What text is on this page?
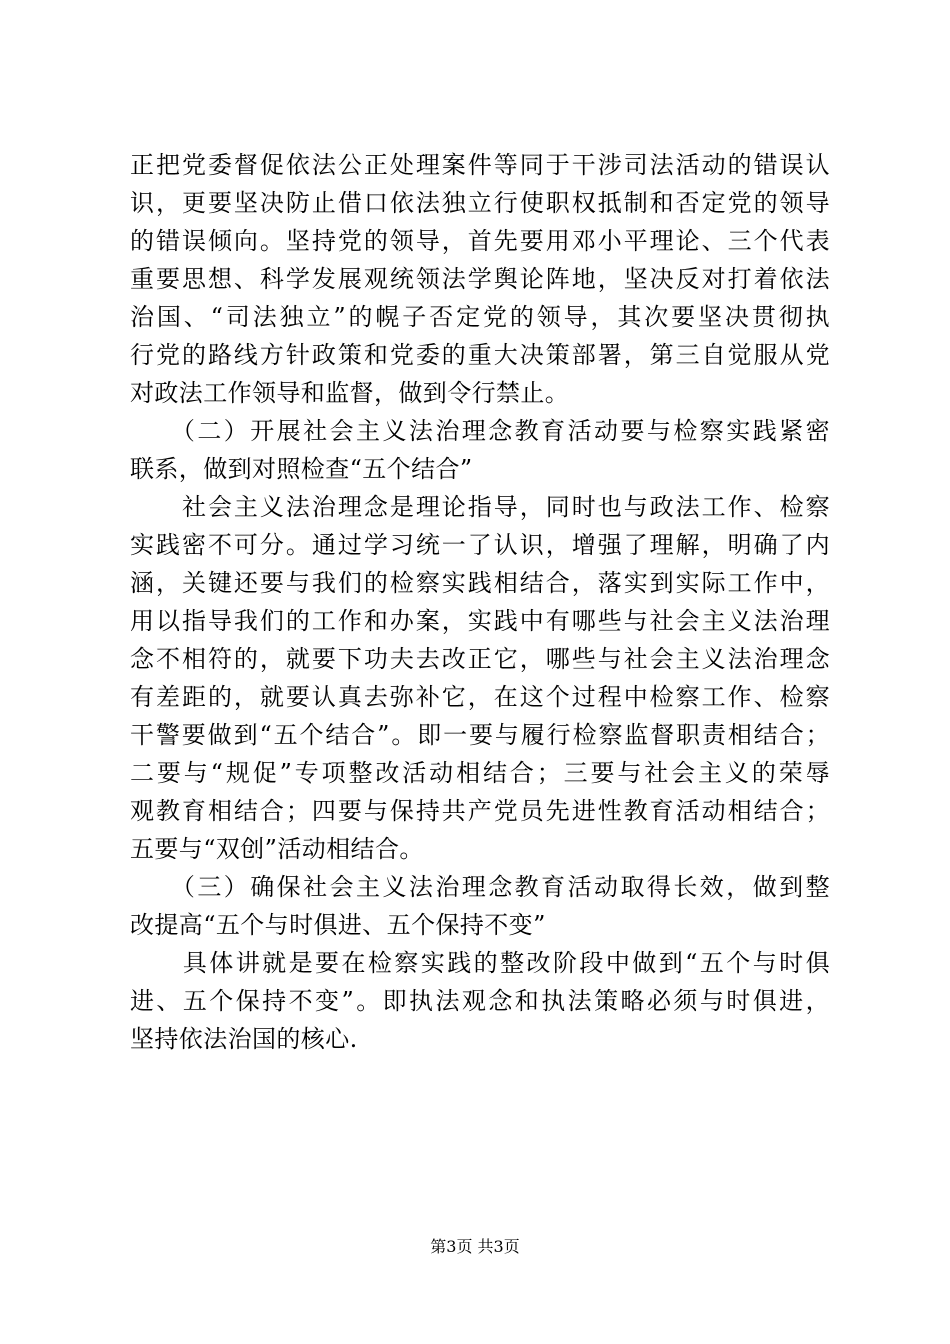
正把党委督促依法公正处理案件等同于干涉司法活动的错误认
识，更要坚决防止借口依法独立行使职权抵制和否定党的领导
的错误倾向。坚持党的领导，首先要用邓小平理论、三个代表
重要思想、科学发展观统领法学舆论阵地，坚决反对打着依法
治国、“司法独立”的幌子否定党的领导，其次要坚决贯彻执
行党的路线方针政策和党委的重大决策部署，第三自觉服从党
对政法工作领导和监督，做到令行禁止。
　　（二）开展社会主义法治理念教育活动要与检察实践紧密
联系，做到对照检查“五个结合”
　　社会主义法治理念是理论指导，同时也与政法工作、检察
实践密不可分。通过学习统一了认识，增强了理解，明确了内
涵，关键还要与我们的检察实践相结合，落实到实际工作中，
用以指导我们的工作和办案，实践中有哪些与社会主义法治理
念不相符的，就要下功夫去改正它，哪些与社会主义法治理念
有差距的，就要认真去弥补它，在这个过程中检察工作、检察
干警要做到“五个结合”。即一要与履行检察监督职责相结合；
二要与“规促”专项整改活动相结合；三要与社会主义的荣辱
观教育相结合；四要与保持共产党员先进性教育活动相结合；
五要与“双创”活动相结合。
　　（三）确保社会主义法治理念教育活动取得长效，做到整
改提高“五个与时俱进、五个保持不变”
　　具体讲就是要在检察实践的整改阶段中做到“五个与时俱
进、五个保持不变”。即执法观念和执法策略必须与时俱进，
坚持依法治国的核心.
第3页 共3页
